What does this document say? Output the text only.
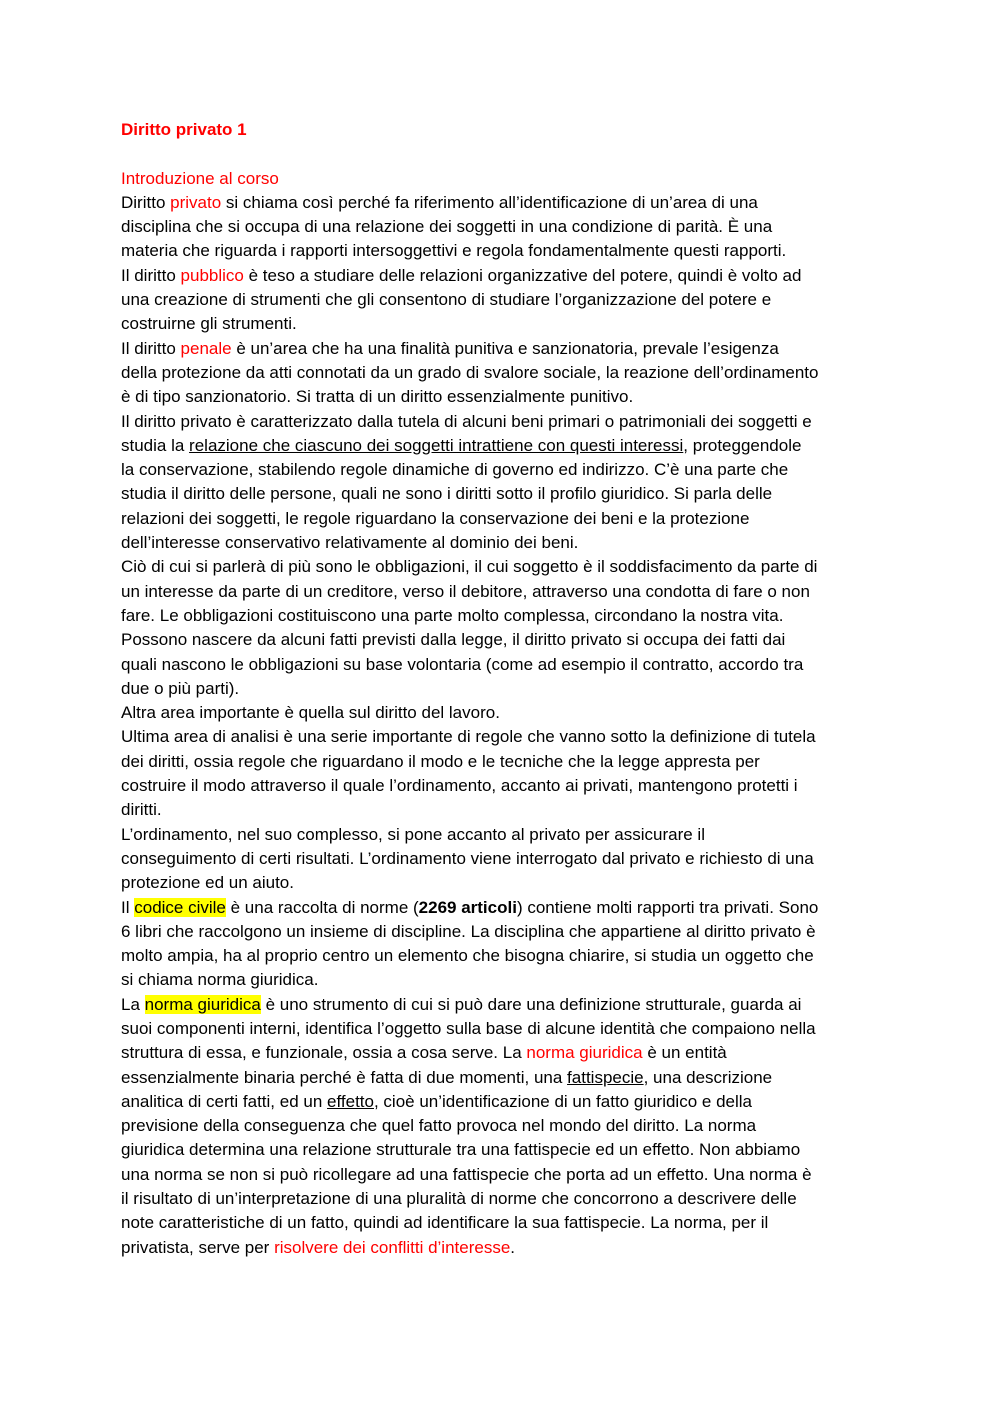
Diritto privato 1

Introduzione al corso

Diritto privato si chiama così perché fa riferimento all’identificazione di un’area di una

disciplina che si occupa di una relazione dei soggetti in una condizione di parità. È una

materia che riguarda i rapporti intersoggettivi e regola fondamentalmente questi rapporti.

Il diritto pubblico è teso a studiare delle relazioni organizzative del potere, quindi è volto ad

una creazione di strumenti che gli consentono di studiare l’organizzazione del potere e

costruirne gli strumenti.

Il diritto penale è un’area che ha una finalità punitiva e sanzionatoria, prevale l’esigenza

della protezione da atti connotati da un grado di svalore sociale, la reazione dell’ordinamento

è di tipo sanzionatorio. Si tratta di un diritto essenzialmente punitivo.

Il diritto privato è caratterizzato dalla tutela di alcuni beni primari o patrimoniali dei soggetti e

studia la relazione che ciascuno dei soggetti intrattiene con questi interessi, proteggendole

la conservazione, stabilendo regole dinamiche di governo ed indirizzo. C’è una parte che

studia il diritto delle persone, quali ne sono i diritti sotto il profilo giuridico. Si parla delle

relazioni dei soggetti, le regole riguardano la conservazione dei beni e la protezione

dell’interesse conservativo relativamente al dominio dei beni.

Ciò di cui si parlerà di più sono le obbligazioni, il cui soggetto è il soddisfacimento da parte di

un interesse da parte di un creditore, verso il debitore, attraverso una condotta di fare o non

fare. Le obbligazioni costituiscono una parte molto complessa, circondano la nostra vita.

Possono nascere da alcuni fatti previsti dalla legge, il diritto privato si occupa dei fatti dai

quali nascono le obbligazioni su base volontaria (come ad esempio il contratto, accordo tra

due o più parti).

Altra area importante è quella sul diritto del lavoro.

Ultima area di analisi è una serie importante di regole che vanno sotto la definizione di tutela

dei diritti, ossia regole che riguardano il modo e le tecniche che la legge appresta per

costruire il modo attraverso il quale l’ordinamento, accanto ai privati, mantengono protetti i

diritti.

L’ordinamento, nel suo complesso, si pone accanto al privato per assicurare il

conseguimento di certi risultati. L’ordinamento viene interrogato dal privato e richiesto di una

protezione ed un aiuto.

Il codice civile è una raccolta di norme (2269 articoli) contiene molti rapporti tra privati. Sono

6 libri che raccolgono un insieme di discipline. La disciplina che appartiene al diritto privato è

molto ampia, ha al proprio centro un elemento che bisogna chiarire, si studia un oggetto che

si chiama norma giuridica.

La norma giuridica è uno strumento di cui si può dare una definizione strutturale, guarda ai

suoi componenti interni, identifica l’oggetto sulla base di alcune identità che compaiono nella

struttura di essa, e funzionale, ossia a cosa serve. La norma giuridica è un entità

essenzialmente binaria perché è fatta di due momenti, una fattispecie, una descrizione

analitica di certi fatti, ed un effetto, cioè un’identificazione di un fatto giuridico e della

previsione della conseguenza che quel fatto provoca nel mondo del diritto. La norma

giuridica determina una relazione strutturale tra una fattispecie ed un effetto. Non abbiamo

una norma se non si può ricollegare ad una fattispecie che porta ad un effetto. Una norma è

il risultato di un’interpretazione di una pluralità di norme che concorrono a descrivere delle

note caratteristiche di un fatto, quindi ad identificare la sua fattispecie. La norma, per il

privatista, serve per risolvere dei conflitti d’interesse.
